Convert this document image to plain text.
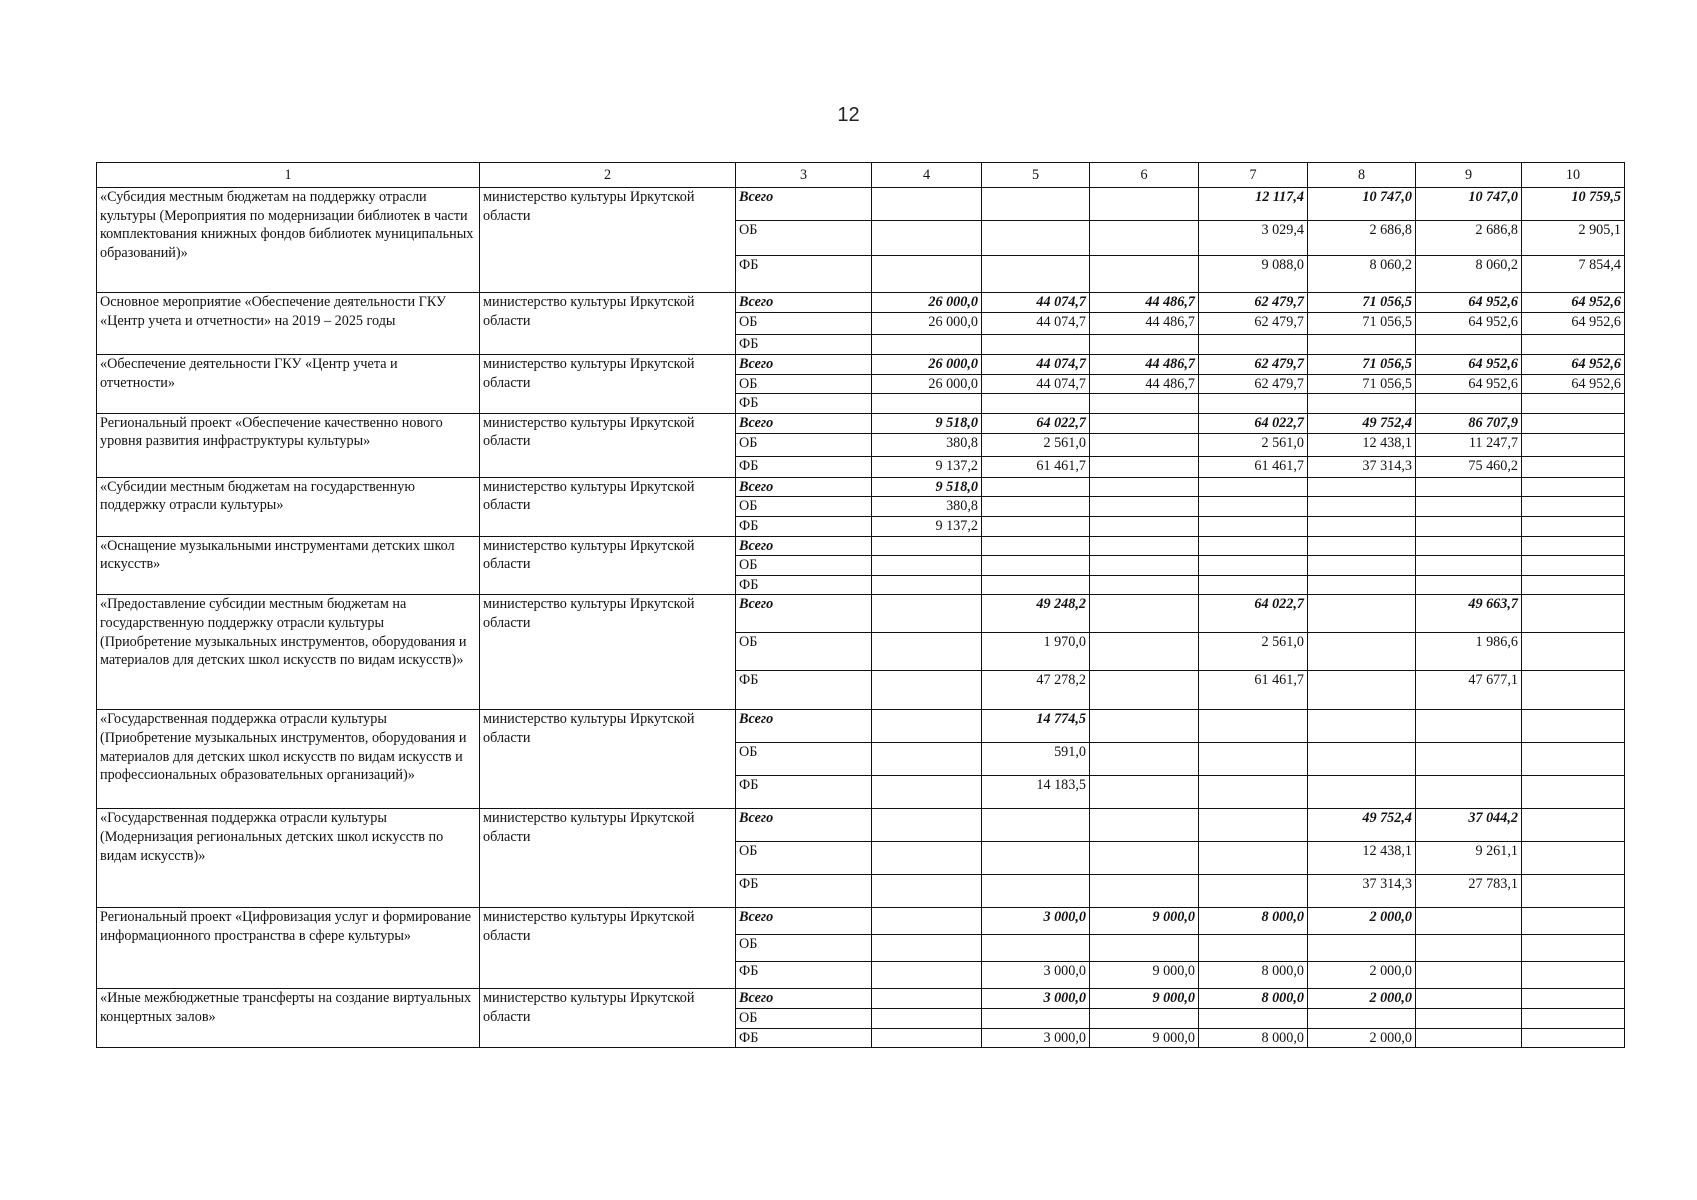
12
1	2	3	4	5	6	7	8	9	10
«Субсидия местным бюджетам на поддержку отрасли культуры (Мероприятия по модернизации библиотек в части комплектования книжных фондов библиотек муниципальных образований)»	министерство культуры Иркутской области	Всего				12 117,4	10 747,0	10 747,0	10 759,5
		ОБ				3 029,4	2 686,8	2 686,8	2 905,1
		ФБ				9 088,0	8 060,2	8 060,2	7 854,4
Основное мероприятие «Обеспечение деятельности ГКУ «Центр учета и отчетности» на 2019 – 2025 годы	министерство культуры Иркутской области	Всего	26 000,0	44 074,7	44 486,7	62 479,7	71 056,5	64 952,6	64 952,6
		ОБ	26 000,0	44 074,7	44 486,7	62 479,7	71 056,5	64 952,6	64 952,6
		ФБ							
«Обеспечение деятельности ГКУ «Центр учета и отчетности»	министерство культуры Иркутской области	Всего	26 000,0	44 074,7	44 486,7	62 479,7	71 056,5	64 952,6	64 952,6
		ОБ	26 000,0	44 074,7	44 486,7	62 479,7	71 056,5	64 952,6	64 952,6
		ФБ							
Региональный проект «Обеспечение качественно нового уровня развития инфраструктуры культуры»	министерство культуры Иркутской области	Всего	9 518,0	64 022,7		64 022,7	49 752,4	86 707,9	
		ОБ	380,8	2 561,0		2 561,0	12 438,1	11 247,7	
		ФБ	9 137,2	61 461,7		61 461,7	37 314,3	75 460,2	
«Субсидии местным бюджетам на государственную поддержку отрасли культуры»	министерство культуры Иркутской области	Всего	9 518,0						
		ОБ	380,8						
		ФБ	9 137,2						
«Оснащение музыкальными инструментами детских школ искусств»	министерство культуры Иркутской области	Всего							
		ОБ							
		ФБ							
«Предоставление субсидии местным бюджетам на государственную поддержку отрасли культуры (Приобретение музыкальных инструментов, оборудования и материалов для детских школ искусств по видам искусств)»	министерство культуры Иркутской области	Всего		49 248,2		64 022,7		49 663,7	
		ОБ		1 970,0		2 561,0		1 986,6	
		ФБ		47 278,2		61 461,7		47 677,1	
«Государственная поддержка отрасли культуры (Приобретение музыкальных инструментов, оборудования и материалов для детских школ искусств по видам искусств и профессиональных образовательных организаций)»	министерство культуры Иркутской области	Всего		14 774,5					
		ОБ		591,0					
		ФБ		14 183,5					
«Государственная поддержка отрасли культуры (Модернизация региональных детских школ искусств по видам искусств)»	министерство культуры Иркутской области	Всего					49 752,4	37 044,2	
		ОБ					12 438,1	9 261,1	
		ФБ					37 314,3	27 783,1	
Региональный проект «Цифровизация услуг и формирование информационного пространства в сфере культуры»	министерство культуры Иркутской области	Всего		3 000,0	9 000,0	8 000,0	2 000,0		
		ОБ							
		ФБ		3 000,0	9 000,0	8 000,0	2 000,0		
«Иные межбюджетные трансферты на создание виртуальных концертных залов»	министерство культуры Иркутской области	Всего		3 000,0	9 000,0	8 000,0	2 000,0		
		ОБ							
		ФБ		3 000,0	9 000,0	8 000,0	2 000,0		
